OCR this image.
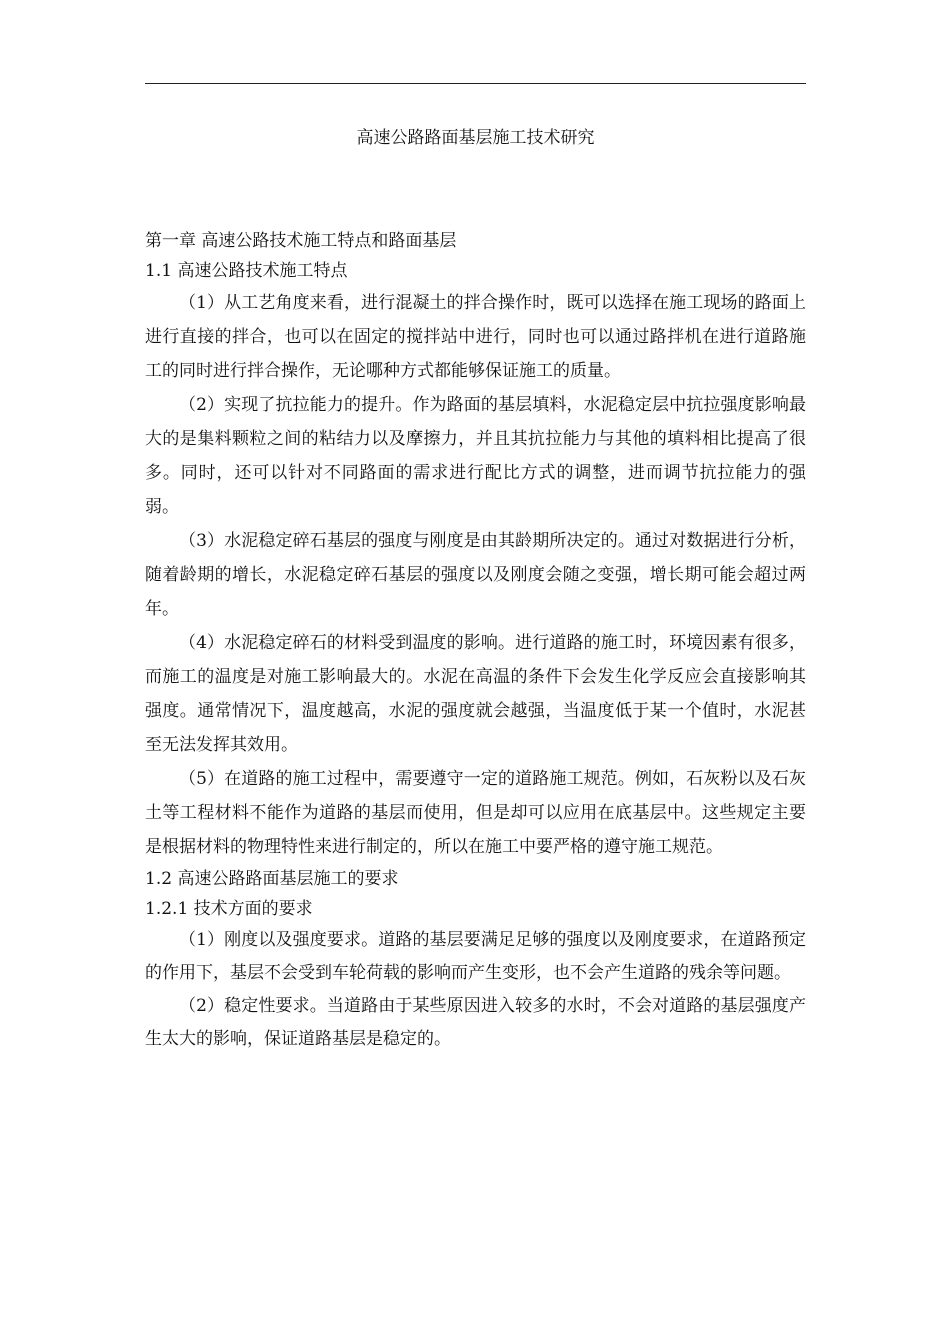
高速公路路面基层施工技术研究

第一章 高速公路技术施工特点和路面基层

1.1 高速公路技术施工特点

（1）从工艺角度来看，进行混凝土的拌合操作时，既可以选择在施工现场的路面上进行直接的拌合，也可以在固定的搅拌站中进行，同时也可以通过路拌机在进行道路施工的同时进行拌合操作，无论哪种方式都能够保证施工的质量。

（2）实现了抗拉能力的提升。作为路面的基层填料，水泥稳定层中抗拉强度影响最大的是集料颗粒之间的粘结力以及摩擦力，并且其抗拉能力与其他的填料相比提高了很多。同时，还可以针对不同路面的需求进行配比方式的调整，进而调节抗拉能力的强弱。

（3）水泥稳定碎石基层的强度与刚度是由其龄期所决定的。通过对数据进行分析，随着龄期的增长，水泥稳定碎石基层的强度以及刚度会随之变强，增长期可能会超过两年。

（4）水泥稳定碎石的材料受到温度的影响。进行道路的施工时，环境因素有很多，而施工的温度是对施工影响最大的。水泥在高温的条件下会发生化学反应会直接影响其强度。通常情况下，温度越高，水泥的强度就会越强，当温度低于某一个值时，水泥甚至无法发挥其效用。

（5）在道路的施工过程中，需要遵守一定的道路施工规范。例如，石灰粉以及石灰土等工程材料不能作为道路的基层而使用，但是却可以应用在底基层中。这些规定主要是根据材料的物理特性来进行制定的，所以在施工中要严格的遵守施工规范。

1.2 高速公路路面基层施工的要求

1.2.1 技术方面的要求

（1）刚度以及强度要求。道路的基层要满足足够的强度以及刚度要求，在道路预定的作用下，基层不会受到车轮荷载的影响而产生变形，也不会产生道路的残余等问题。

（2）稳定性要求。当道路由于某些原因进入较多的水时，不会对道路的基层强度产生太大的影响，保证道路基层是稳定的。
